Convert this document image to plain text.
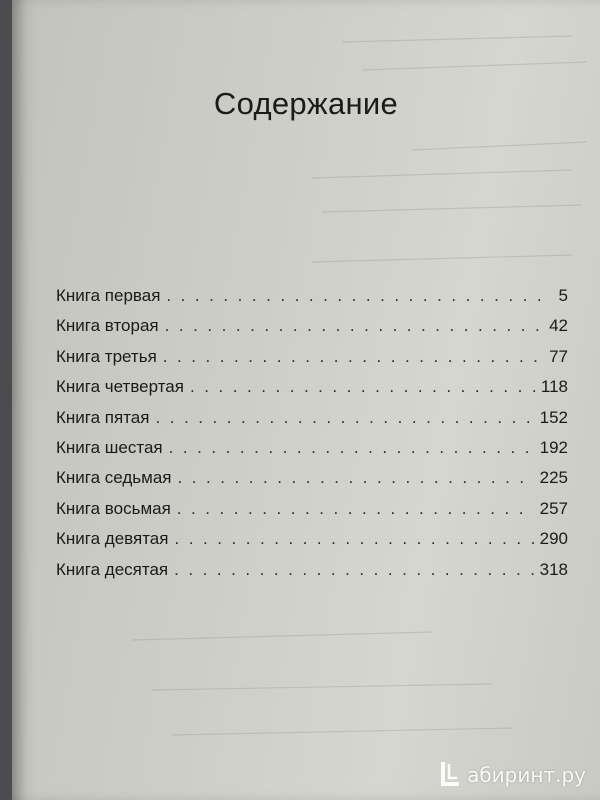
Содержание
Книга первая . . .	5
Книга вторая . . .	42
Книга третья . . .	77
Книга четвертая . . .	118
Книга пятая . . .	152
Книга шестая . . .	192
Книга седьмая . . .	225
Книга восьмая . . .	257
Книга девятая . . .	290
Книга десятая . . .	318
абиринт.ру
